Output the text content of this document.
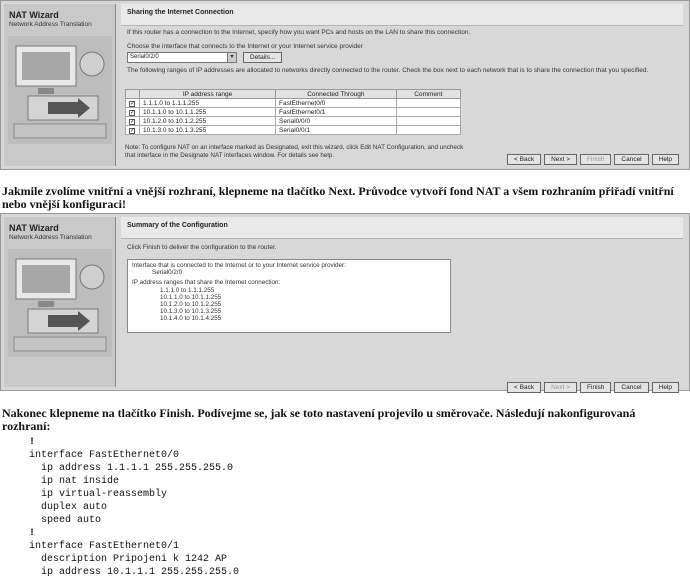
NAT Wizard
Network Address Translation
Sharing the Internet Connection
If this router has a connection to the Internet, specify how you want PCs and hosts on the LAN to share this connection.
Choose the interface that connects to the Internet or your Internet service provider
Serial0/2/0	▾	Details...
The following ranges of IP addresses are allocated to networks directly connected to the router. Check the box next to each network that is to share the connection that you specified.
	IP address range	Connected Through	Comment
✓	1.1.1.0 to 1.1.1.255	FastEthernet0/0	
✓	10.1.1.0 to 10.1.1.255	FastEthernet0/1	
✓	10.1.2.0 to 10.1.2.255	Serial0/0/0	
✓	10.1.3.0 to 10.1.3.255	Serial0/0/1	
Note: To configure NAT on an interface marked as Designated, exit this wizard, click Edit NAT Configuration, and uncheck that interface in the Designate NAT interfaces window. For details see help.
< Back	Next >	Finish	Cancel	Help
Jakmile zvolíme vnitřní a vnější rozhraní, klepneme na tlačítko Next. Průvodce vytvoří fond NAT a všem rozhraním přiřadí vnitřní nebo vnější konfiguraci!
NAT Wizard
Network Address Translation
Summary of the Configuration
Click Finish to deliver the configuration to the router.
Interface that is connected to the Internet or to your Internet service provider:
Serial0/2/0
IP address ranges that share the Internet connection:
1.1.1.0 to 1.1.1.255
10.1.1.0 to 10.1.1.255
10.1.2.0 to 10.1.2.255
10.1.3.0 to 10.1.3.255
10.1.4.0 to 10.1.4.255
< Back	Next >	Finish	Cancel	Help
Nakonec klepneme na tlačítko Finish. Podívejme se, jak se toto nastavení projevilo u směrovače. Následují nakonfigurovaná rozhraní:
!
interface FastEthernet0/0
ip address 1.1.1.1 255.255.255.0
ip nat inside
ip virtual-reassembly
duplex auto
speed auto
!
interface FastEthernet0/1
description Pripojeni k 1242 AP
ip address 10.1.1.1 255.255.255.0
